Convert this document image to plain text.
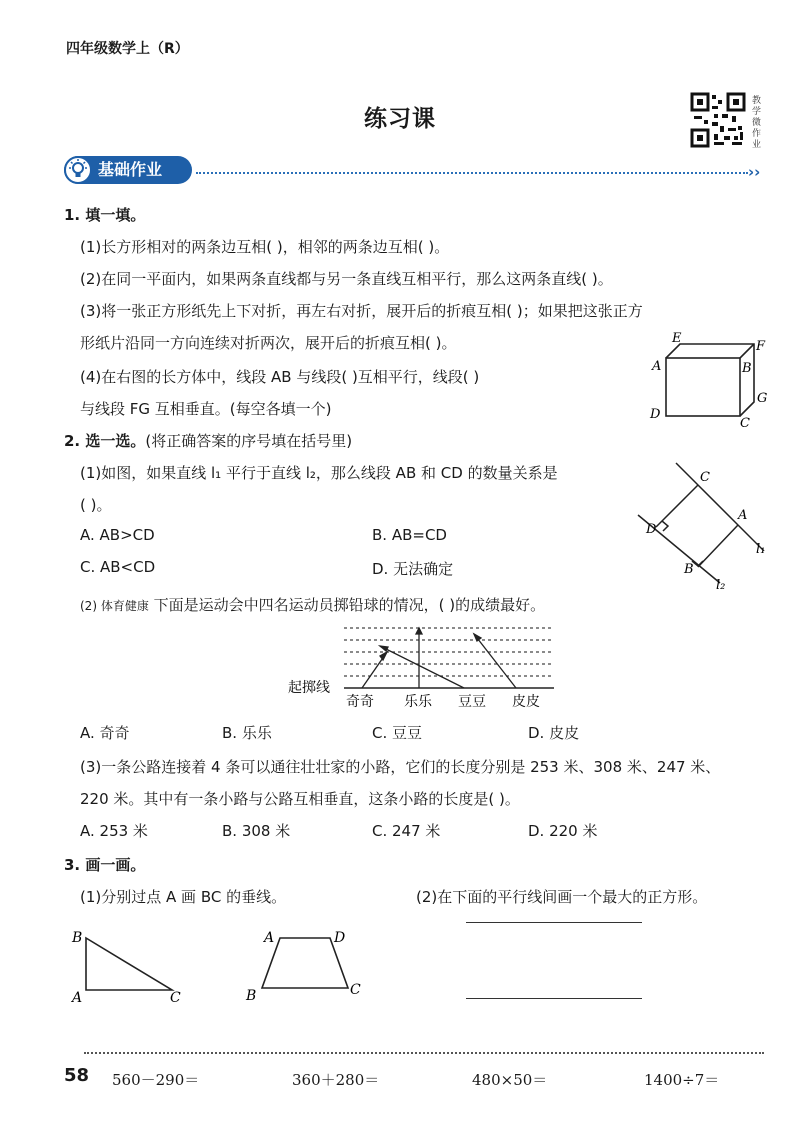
四年级数学上（R）
练习课
教学微作业
基础作业	››
1. 填一填。
(1)长方形相对的两条边互相( )，相邻的两条边互相( )。
(2)在同一平面内，如果两条直线都与另一条直线互相平行，那么这两条直线( )。
(3)将一张正方形纸先上下对折，再左右对折，展开后的折痕互相( )；如果把这张正方
形纸片沿同一方向连续对折两次，展开后的折痕互相( )。
(4)在右图的长方体中，线段 AB 与线段( )互相平行，线段( )
与线段 FG 互相垂直。(每空各填一个)
E
F
A	B
G
D
C
2. 选一选。(将正确答案的序号填在括号里)
(1)如图，如果直线 l₁ 平行于直线 l₂，那么线段 AB 和 CD 的数量关系是
( )。
A. AB>CD	B. AB=CD
C. AB<CD	D. 无法确定
C
D
A
B
l₁
l₂
(2) 体育健康 下面是运动会中四名运动员掷铅球的情况，( )的成绩最好。
起掷线
奇奇 乐乐 豆豆 皮皮
A. 奇奇	B. 乐乐	C. 豆豆	D. 皮皮
(3)一条公路连接着 4 条可以通往壮壮家的小路，它们的长度分别是 253 米、308 米、247 米、
220 米。其中有一条小路与公路互相垂直，这条小路的长度是( )。
A. 253 米	B. 308 米	C. 247 米	D. 220 米
3. 画一画。
(1)分别过点 A 画 BC 的垂线。	(2)在下面的平行线间画一个最大的正方形。
B
A	C
A	D
B	C
58 560－290＝	360＋280＝	480×50＝	1400÷7＝
